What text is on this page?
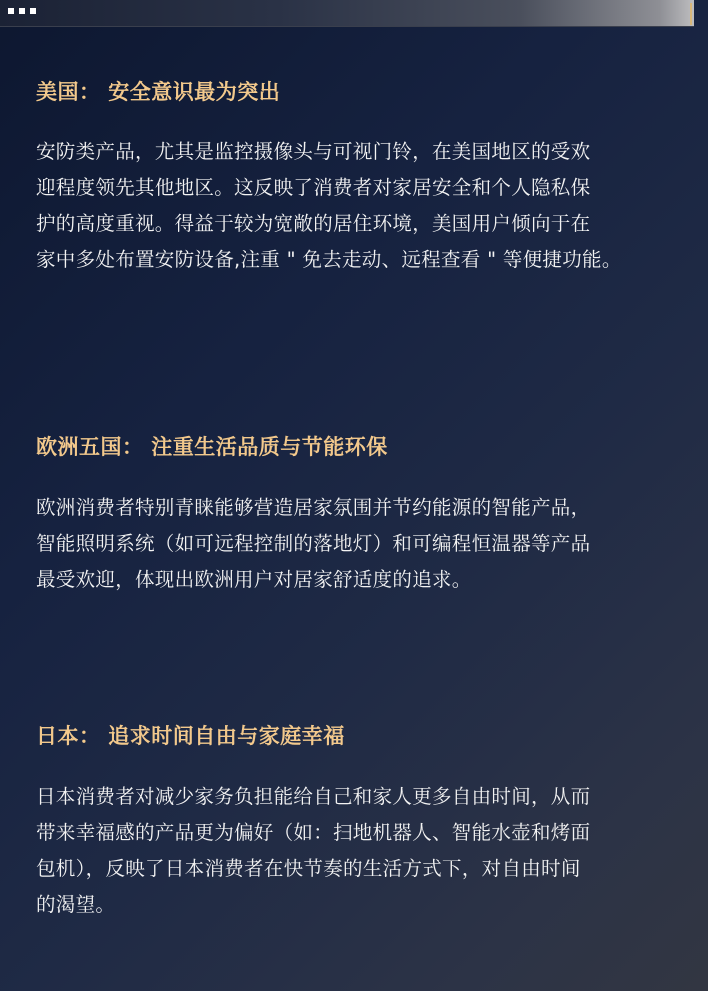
美国： 安全意识最为突出

安防类产品，尤其是监控摄像头与可视门铃，在美国地区的受欢

迎程度领先其他地区。这反映了消费者对家居安全和个人隐私保

护的高度重视。得益于较为宽敞的居住环境，美国用户倾向于在

家中多处布置安防设备,注重 " 免去走动、远程查看 " 等便捷功能。

欧洲五国： 注重生活品质与节能环保

欧洲消费者特别青睐能够营造居家氛围并节约能源的智能产品，

智能照明系统（如可远程控制的落地灯）和可编程恒温器等产品

最受欢迎，体现出欧洲用户对居家舒适度的追求。

日本： 追求时间自由与家庭幸福

日本消费者对减少家务负担能给自己和家人更多自由时间，从而

带来幸福感的产品更为偏好（如：扫地机器人、智能水壶和烤面

包机），反映了日本消费者在快节奏的生活方式下，对自由时间

的渴望。
